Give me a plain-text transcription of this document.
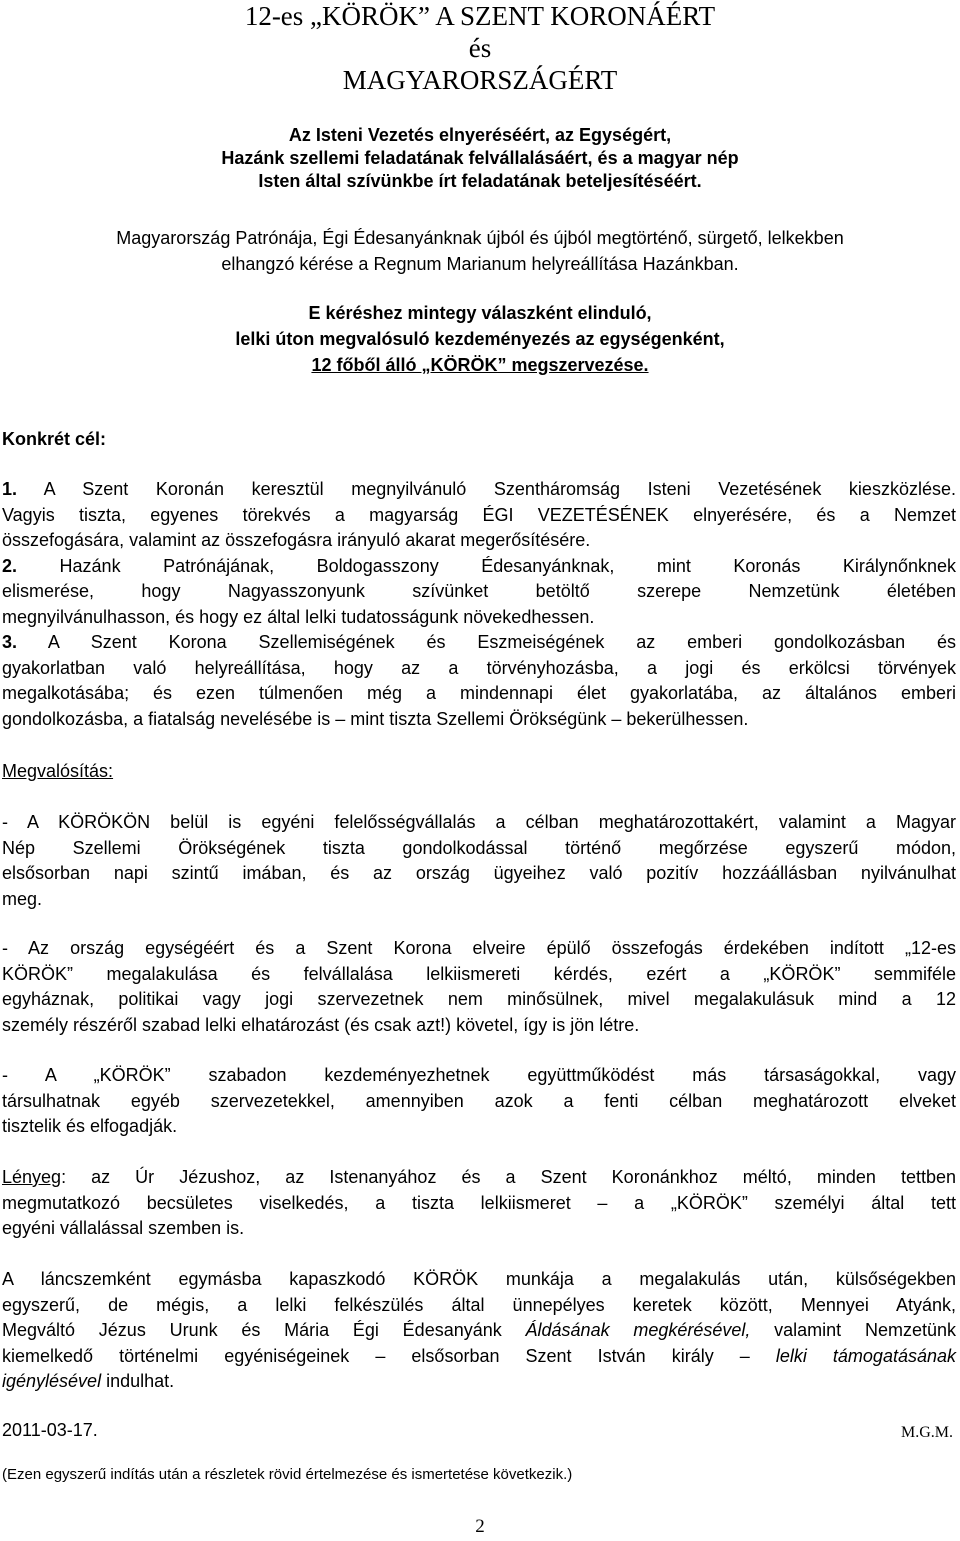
12-es „KÖRÖK” A SZENT KORONÁÉRT
és
MAGYARORSZÁGÉRT
Az Isteni Vezetés elnyeréséért, az Egységért,
Hazánk szellemi feladatának felvállalásáért, és a magyar nép
Isten által szívünkbe írt feladatának beteljesítéséért.
Magyarország Patrónája, Égi Édesanyánknak újból és újból megtörténő, sürgető, lelkekben
elhangzó kérése a Regnum Marianum helyreállítása Hazánkban.
E kéréshez mintegy válaszként elinduló,
lelki úton megvalósuló kezdeményezés az egységenként,
12 főből álló „KÖRÖK” megszervezése.
Konkrét cél:
1. A Szent Koronán keresztül megnyilvánuló Szentháromság Isteni Vezetésének kieszközlése.
Vagyis tiszta, egyenes törekvés a magyarság ÉGI VEZETÉSÉNEK elnyerésére, és a Nemzet
összefogására, valamint az összefogásra irányuló akarat megerősítésére.
2. Hazánk Patrónájának, Boldogasszony Édesanyánknak, mint Koronás Királynőnknek
elismerése, hogy Nagyasszonyunk szívünket betöltő szerepe Nemzetünk életében
megnyilvánulhasson, és hogy ez által lelki tudatosságunk növekedhessen.
3. A Szent Korona Szellemiségének és Eszmeiségének az emberi gondolkozásban és
gyakorlatban való helyreállítása, hogy az a törvényhozásba, a jogi és erkölcsi törvények
megalkotásába; és ezen túlmenően még a mindennapi élet gyakorlatába, az általános emberi
gondolkozásba, a fiatalság nevelésébe is – mint tiszta Szellemi Örökségünk – bekerülhessen.
Megvalósítás:
- A KÖRÖKÖN belül is egyéni felelősségvállalás a célban meghatározottakért, valamint a Magyar
Nép Szellemi Örökségének tiszta gondolkodással történő megőrzése egyszerű módon,
elsősorban napi szintű imában, és az ország ügyeihez való pozitív hozzáállásban nyilvánulhat
meg.
- Az ország egységéért és a Szent Korona elveire épülő összefogás érdekében indított „12-es
KÖRÖK” megalakulása és felvállalása lelkiismereti kérdés, ezért a „KÖRÖK” semmiféle
egyháznak, politikai vagy jogi szervezetnek nem minősülnek, mivel megalakulásuk mind a 12
személy részéről szabad lelki elhatározást (és csak azt!) követel, így is jön létre.
- A „KÖRÖK” szabadon kezdeményezhetnek együttműködést más társaságokkal, vagy
társulhatnak egyéb szervezetekkel, amennyiben azok a fenti célban meghatározott elveket
tisztelik és elfogadják.
Lényeg: az Úr Jézushoz, az Istenanyához és a Szent Koronánkhoz méltó, minden tettben
megmutatkozó becsületes viselkedés, a tiszta lelkiismeret – a „KÖRÖK” személyi által tett
egyéni vállalással szemben is.
A láncszemként egymásba kapaszkodó KÖRÖK munkája a megalakulás után, külsőségekben
egyszerű, de mégis, a lelki felkészülés által ünnepélyes keretek között, Mennyei Atyánk,
Megváltó Jézus Urunk és Mária Égi Édesanyánk Áldásának megkérésével, valamint Nemzetünk
kiemelkedő történelmi egyéniségeinek – elsősorban Szent István király – lelki támogatásának
igénylésével indulhat.
2011-03-17.	M.G.M.
(Ezen egyszerű indítás után a részletek rövid értelmezése és ismertetése következik.)
2
